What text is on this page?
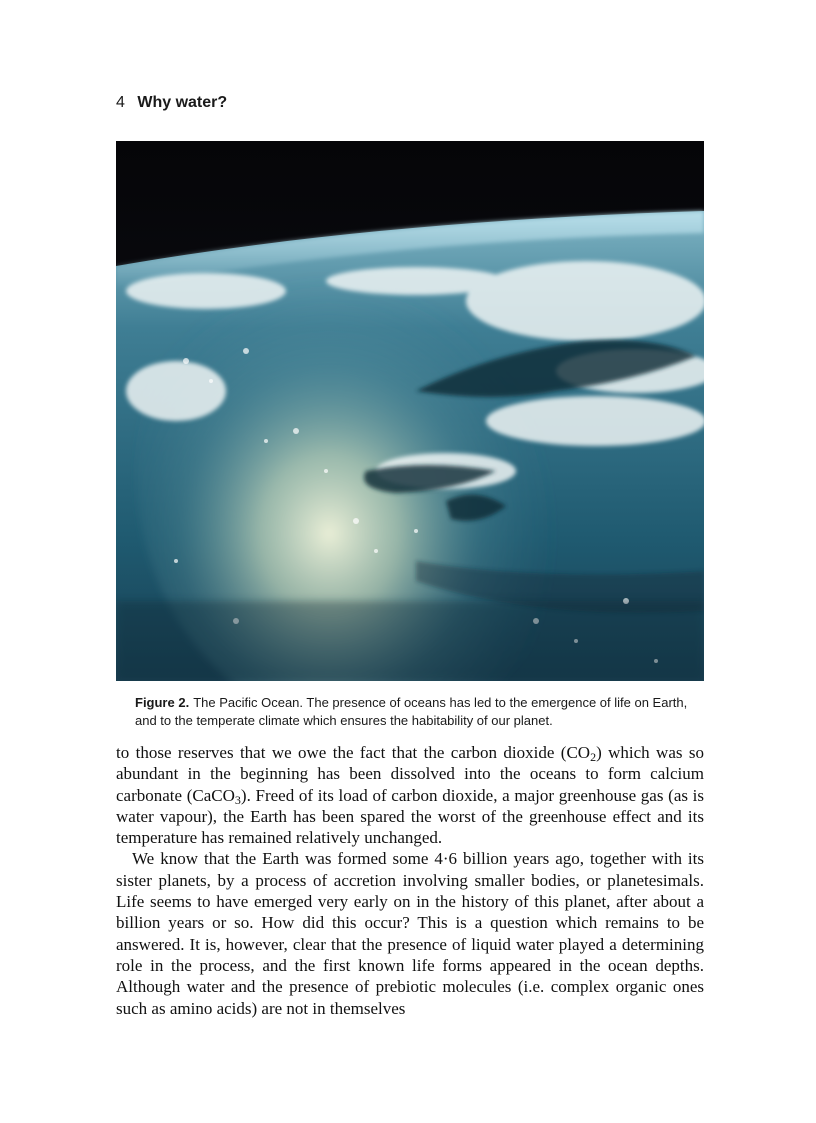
4 Why water?
Figure 2. The Pacific Ocean. The presence of oceans has led to the emergence of life on Earth, and to the temperate climate which ensures the habitability of our planet.

to those reserves that we owe the fact that the carbon dioxide $(CO_2)$ which was so abundant in the beginning has been dissolved into the oceans to form calcium carbonate (CaCO$_3$). Freed of its load of carbon dioxide, a major greenhouse gas (as is water vapour), the Earth has been spared the worst of the greenhouse effect and its temperature has remained relatively unchanged.

We know that the Earth was formed some 4·6 billion years ago, together with its sister planets, by a process of accretion involving smaller bodies, or planetesimals. Life seems to have emerged very early on in the history of this planet, after about a billion years or so. How did this occur? This is a question which remains to be answered. It is, however, clear that the presence of liquid water played a determining role in the process, and the first known life forms appeared in the ocean depths. Although water and the presence of prebiotic molecules (i.e. complex organic ones such as amino acids) are not in themselves
